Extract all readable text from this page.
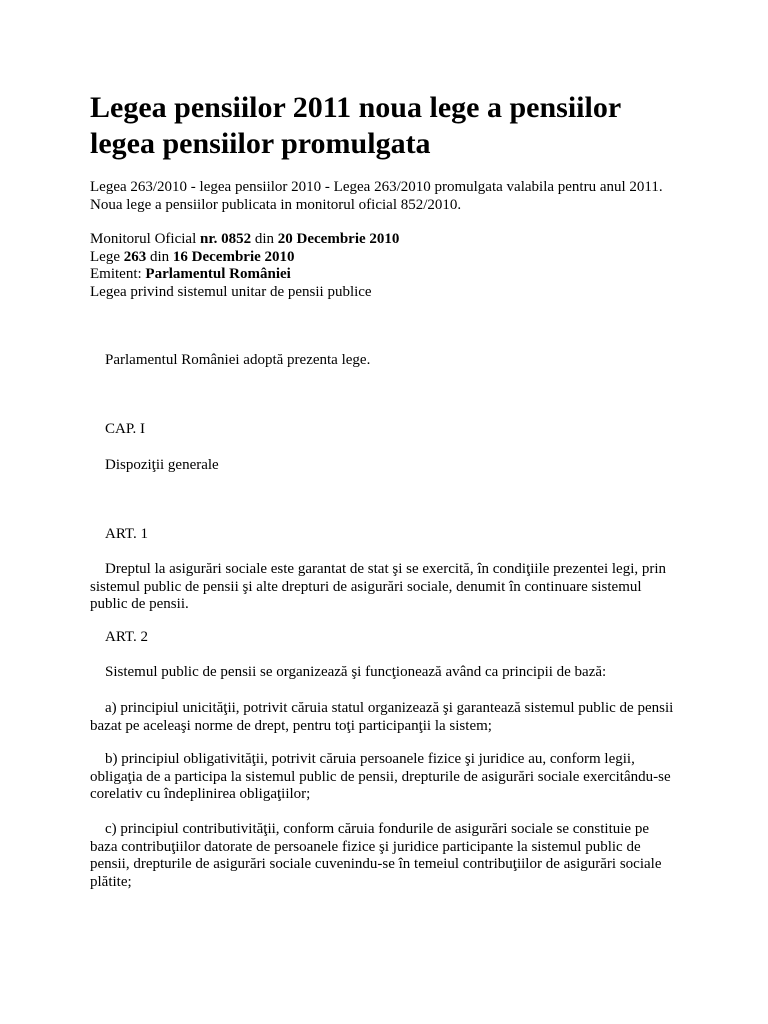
Legea pensiilor 2011 noua lege a pensiilor
legea pensiilor promulgata

Legea 263/2010 - legea pensiilor 2010 - Legea 263/2010 promulgata valabila pentru anul 2011.
Noua lege a pensiilor publicata in monitorul oficial 852/2010.

Monitorul Oficial nr. 0852 din 20 Decembrie 2010
Lege 263 din 16 Decembrie 2010
Emitent: Parlamentul României
Legea privind sistemul unitar de pensii publice

Parlamentul României adoptă prezenta lege.

CAP. I

Dispoziţii generale

ART. 1

Dreptul la asigurări sociale este garantat de stat şi se exercită, în condiţiile prezentei legi, prin
sistemul public de pensii şi alte drepturi de asigurări sociale, denumit în continuare sistemul
public de pensii.

ART. 2

Sistemul public de pensii se organizează şi funcţionează având ca principii de bază:

a) principiul unicităţii, potrivit căruia statul organizează şi garantează sistemul public de pensii
bazat pe aceleaşi norme de drept, pentru toţi participanţii la sistem;

b) principiul obligativităţii, potrivit căruia persoanele fizice şi juridice au, conform legii,
obligaţia de a participa la sistemul public de pensii, drepturile de asigurări sociale exercitându-se
corelativ cu îndeplinirea obligaţiilor;

c) principiul contributivităţii, conform căruia fondurile de asigurări sociale se constituie pe
baza contribuţiilor datorate de persoanele fizice şi juridice participante la sistemul public de
pensii, drepturile de asigurări sociale cuvenindu-se în temeiul contribuţiilor de asigurări sociale
plătite;
